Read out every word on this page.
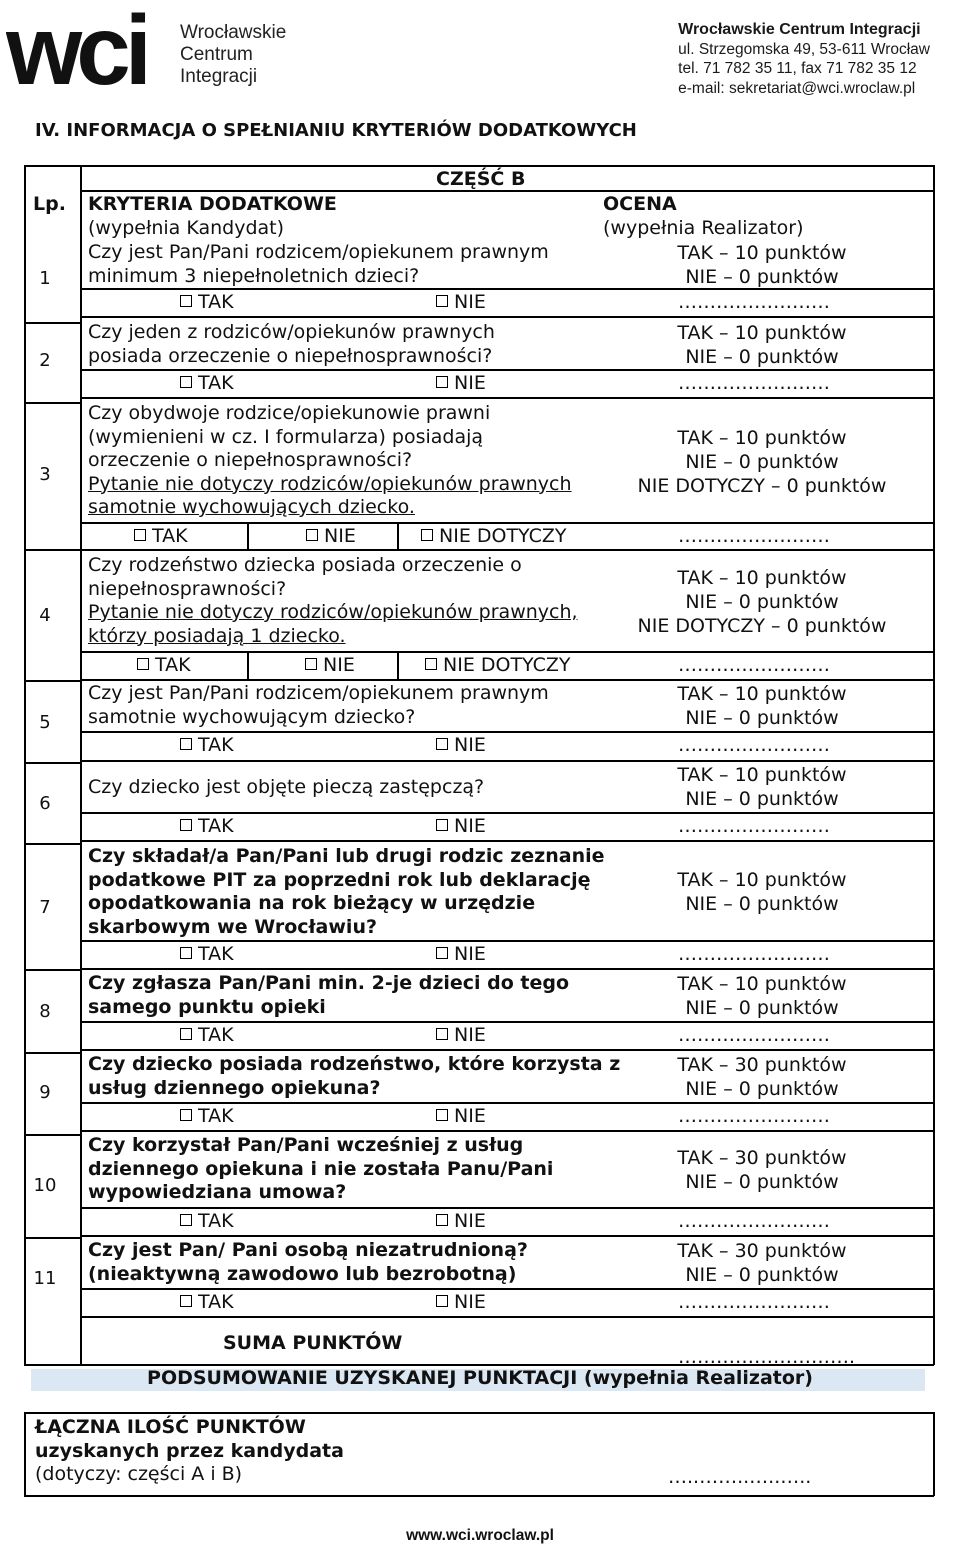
wci Wrocławskie
Centrum
Integracji
Wrocławskie Centrum Integracji
ul. Strzegomska 49, 53-611 Wrocław
tel. 71 782 35 11, fax 71 782 35 12
e-mail: sekretariat@wci.wroclaw.pl
IV. INFORMACJA O SPEŁNIANIU KRYTERIÓW DODATKOWYCH
CZĘŚĆ B
Lp. KRYTERIA DODATKOWE
(wypełnia Kandydat)
OCENA
(wypełnia Realizator)
1
Czy jest Pan/Pani rodzicem/opiekunem prawnym
minimum 3 niepełnoletnich dzieci?
TAK – 10 punktów
NIE – 0 punktów
TAK	NIE	……………………
2
Czy jeden z rodziców/opiekunów prawnych
posiada orzeczenie o niepełnosprawności?
TAK – 10 punktów
NIE – 0 punktów
TAK	NIE	……………………
3
Czy obydwoje rodzice/opiekunowie prawni
(wymienieni w cz. I formularza) posiadają
orzeczenie o niepełnosprawności?
Pytanie nie dotyczy rodziców/opiekunów prawnych
samotnie wychowujących dziecko.
TAK – 10 punktów
NIE – 0 punktów
NIE DOTYCZY – 0 punktów
TAK	NIE	NIE DOTYCZY	……………………
4
Czy rodzeństwo dziecka posiada orzeczenie o
niepełnosprawności?
Pytanie nie dotyczy rodziców/opiekunów prawnych,
którzy posiadają 1 dziecko.
TAK – 10 punktów
NIE – 0 punktów
NIE DOTYCZY – 0 punktów
TAK	NIE	NIE DOTYCZY	……………………
5
Czy jest Pan/Pani rodzicem/opiekunem prawnym
samotnie wychowującym dziecko?
TAK – 10 punktów
NIE – 0 punktów
TAK	NIE	……………………
6
Czy dziecko jest objęte pieczą zastępczą?
TAK – 10 punktów
NIE – 0 punktów
TAK	NIE	……………………
7
Czy składał/a Pan/Pani lub drugi rodzic zeznanie
podatkowe PIT za poprzedni rok lub deklarację
opodatkowania na rok bieżący w urzędzie
skarbowym we Wrocławiu?
TAK – 10 punktów
NIE – 0 punktów
TAK	NIE	……………………
8
Czy zgłasza Pan/Pani min. 2-je dzieci do tego
samego punktu opieki
TAK – 10 punktów
NIE – 0 punktów
TAK	NIE	……………………
9
Czy dziecko posiada rodzeństwo, które korzysta z
usług dziennego opiekuna?
TAK – 30 punktów
NIE – 0 punktów
TAK	NIE	……………………
10
Czy korzystał Pan/Pani wcześniej z usług
dziennego opiekuna i nie została Panu/Pani
wypowiedziana umowa?
TAK – 30 punktów
NIE – 0 punktów
TAK	NIE	……………………
11
Czy jest Pan/ Pani osobą niezatrudnioną?
(nieaktywną zawodowo lub bezrobotną)
TAK – 30 punktów
NIE – 0 punktów
TAK	NIE	……………………
SUMA PUNKTÓW
……………………….
PODSUMOWANIE UZYSKANEJ PUNKTACJI (wypełnia Realizator)
ŁĄCZNA ILOŚĆ PUNKTÓW
uzyskanych przez kandydata
(dotyczy: części A i B)	…..……..…..…..
www.wci.wroclaw.pl
